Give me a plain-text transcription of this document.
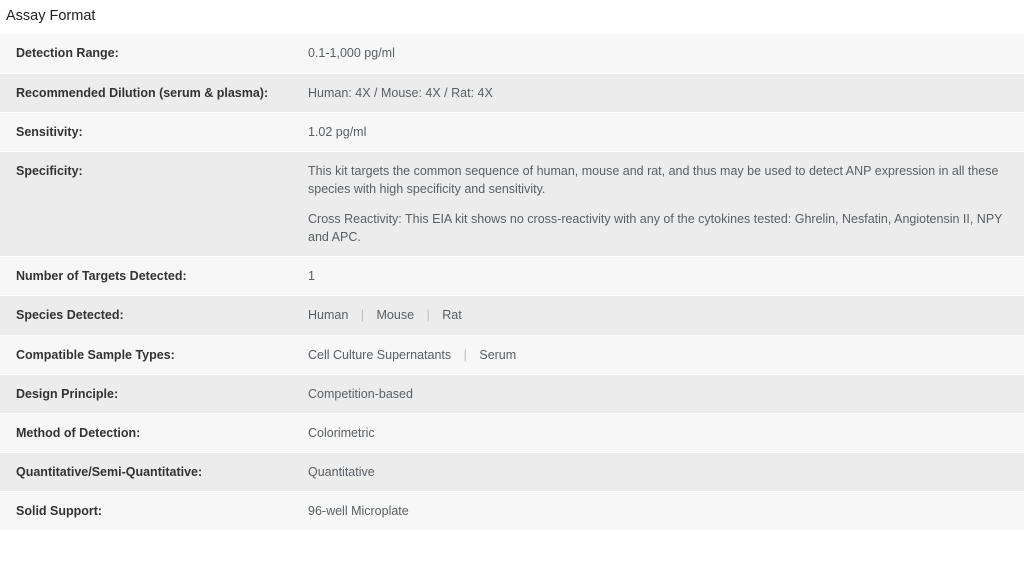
Assay Format
Detection Range:	0.1-1,000 pg/ml

Recommended Dilution (serum & plasma):	Human: 4X / Mouse: 4X / Rat: 4X

Sensitivity:	1.02 pg/ml

Specificity:	This kit targets the common sequence of human, mouse and rat, and thus may be used to detect ANP expression in all these species with high specificity and sensitivity.

Cross Reactivity: This EIA kit shows no cross-reactivity with any of the cytokines tested: Ghrelin, Nesfatin, Angiotensin II, NPY and APC.

Number of Targets Detected:	1

Species Detected:	Human | Mouse | Rat

Compatible Sample Types:	Cell Culture Supernatants | Serum

Design Principle:	Competition-based

Method of Detection:	Colorimetric

Quantitative/Semi-Quantitative:	Quantitative

Solid Support:	96-well Microplate
